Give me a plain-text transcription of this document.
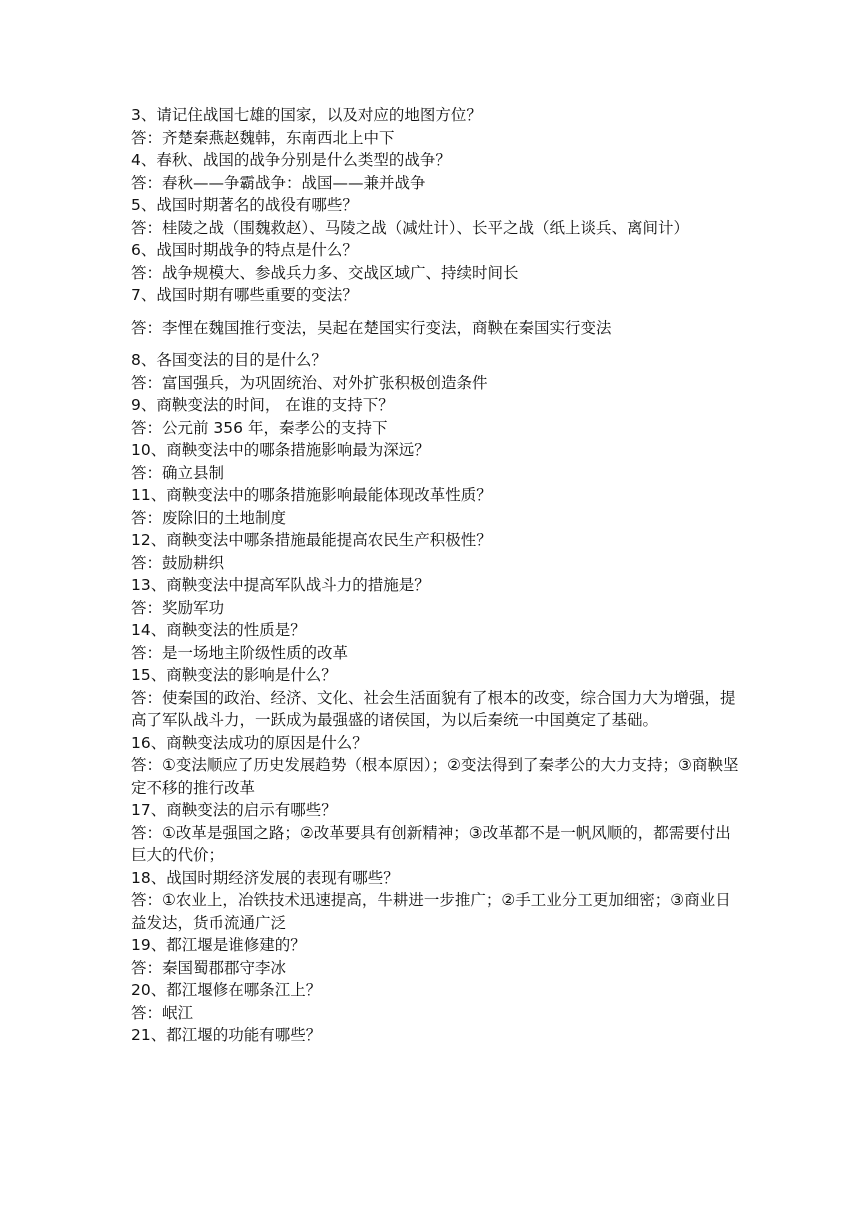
3、请记住战国七雄的国家，以及对应的地图方位？

答：齐楚秦燕赵魏韩，东南西北上中下

4、春秋、战国的战争分别是什么类型的战争？

答：春秋——争霸战争：战国——兼并战争

5、战国时期著名的战役有哪些？

答：桂陵之战（围魏救赵）、马陵之战（减灶计）、长平之战（纸上谈兵、离间计）

6、战国时期战争的特点是什么？

答：战争规模大、参战兵力多、交战区域广、持续时间长

7、战国时期有哪些重要的变法？

答：李悝在魏国推行变法，吴起在楚国实行变法，商鞅在秦国实行变法

8、各国变法的目的是什么？

答：富国强兵，为巩固统治、对外扩张积极创造条件

9、商鞅变法的时间， 在谁的支持下？

答：公元前 356 年，秦孝公的支持下

10、商鞅变法中的哪条措施影响最为深远？

答：确立县制

11、商鞅变法中的哪条措施影响最能体现改革性质？

答：废除旧的土地制度

12、商鞅变法中哪条措施最能提高农民生产积极性？

答：鼓励耕织

13、商鞅变法中提高军队战斗力的措施是？

答：奖励军功

14、商鞅变法的性质是？

答：是一场地主阶级性质的改革

15、商鞅变法的影响是什么？

答：使秦国的政治、经济、文化、社会生活面貌有了根本的改变，综合国力大为增强，提高了军队战斗力，一跃成为最强盛的诸侯国，为以后秦统一中国奠定了基础。

16、商鞅变法成功的原因是什么？

答：①变法顺应了历史发展趋势（根本原因）；②变法得到了秦孝公的大力支持；③商鞅坚定不移的推行改革

17、商鞅变法的启示有哪些？

答：①改革是强国之路；②改革要具有创新精神；③改革都不是一帆风顺的，都需要付出巨大的代价；

18、战国时期经济发展的表现有哪些？

答：①农业上，冶铁技术迅速提高，牛耕进一步推广；②手工业分工更加细密；③商业日益发达，货币流通广泛

19、都江堰是谁修建的？

答：秦国蜀郡郡守李冰

20、都江堰修在哪条江上？

答：岷江

21、都江堰的功能有哪些？
